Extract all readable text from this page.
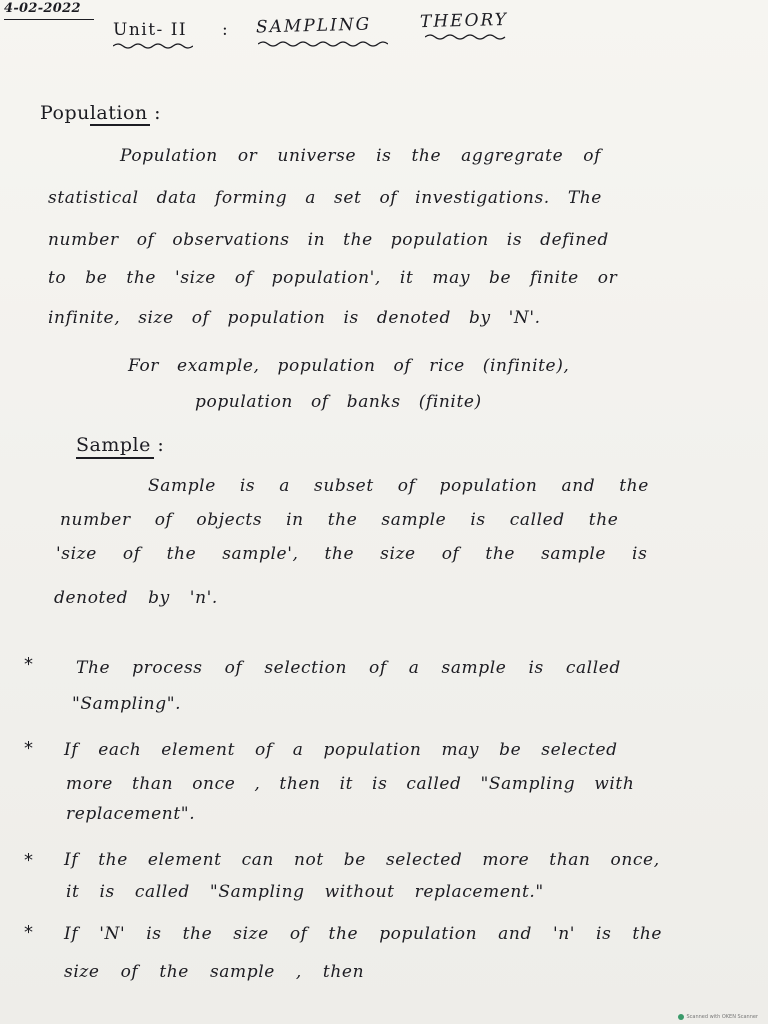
4-02-2022
Unit- II : SAMPLING	THEORY
Population :
Population or universe is the aggregrate of
statistical data forming a set of investigations. The
number of observations in the population is defined
to be the 'size of population', it may be finite or
infinite, size of population is denoted by 'N'.
For example, population of rice (infinite),
population of banks (finite)
Sample :
Sample is a subset of population and the
number of objects in the sample is called the
'size of the sample', the size of the sample is
denoted by 'n'.
*	The process of selection of a sample is called
"Sampling".
* If each element of a population may be selected
more than once , then it is called "Sampling with
replacement".
* If the element can not be selected more than once,
it is called "Sampling without replacement."
* If 'N' is the size of the population and 'n' is the
size of the sample , then
Scanned with OKEN Scanner
